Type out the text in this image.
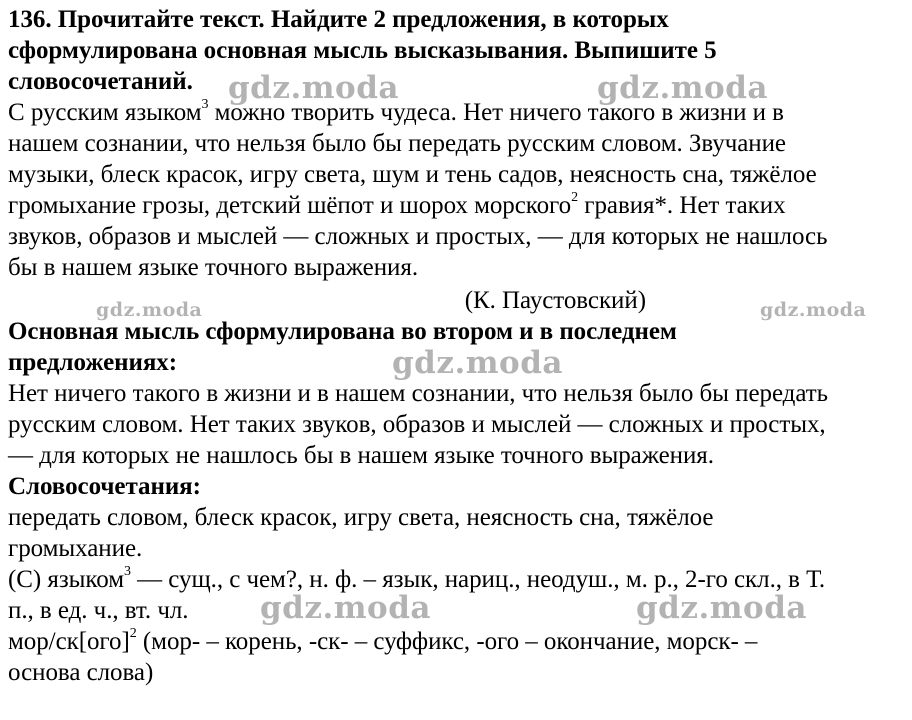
136. Прочитайте текст. Найдите 2 предложения, в которых
сформулирована основная мысль высказывания. Выпишите 5
словосочетаний.
С русским языком$^3$ можно творить чудеса. Нет ничего такого в жизни и в
нашем сознании, что нельзя было бы передать русским словом. Звучание
музыки, блеск красок, игру света, шум и тень садов, неясность сна, тяжёлое
громыхание грозы, детский шёпот и шорох морского$^2$ гравия*. Нет таких
звуков, образов и мыслей — сложных и простых, — для которых не нашлось
бы в нашем языке точного выражения.
(К. Паустовский)
Основная мысль сформулирована во втором и в последнем
предложениях:
Нет ничего такого в жизни и в нашем сознании, что нельзя было бы передать
русским словом. Нет таких звуков, образов и мыслей — сложных и простых,
— для которых не нашлось бы в нашем языке точного выражения.
Словосочетания:
передать словом, блеск красок, игру света, неясность сна, тяжёлое
громыхание.
(С) языком$^3$ — сущ., с чем?, н. ф. – язык, нариц., неодуш., м. р., 2-го скл., в Т.
п., в ед. ч., вт. чл.
мор/ск[ого]$^2$ (мор- – корень, -ск- – суффикс, -ого – окончание, морск- –
основа слова)
gdz.moda	gdz.moda
gdz.moda	gdz.moda
gdz.moda
gdz.moda	gdz.moda
